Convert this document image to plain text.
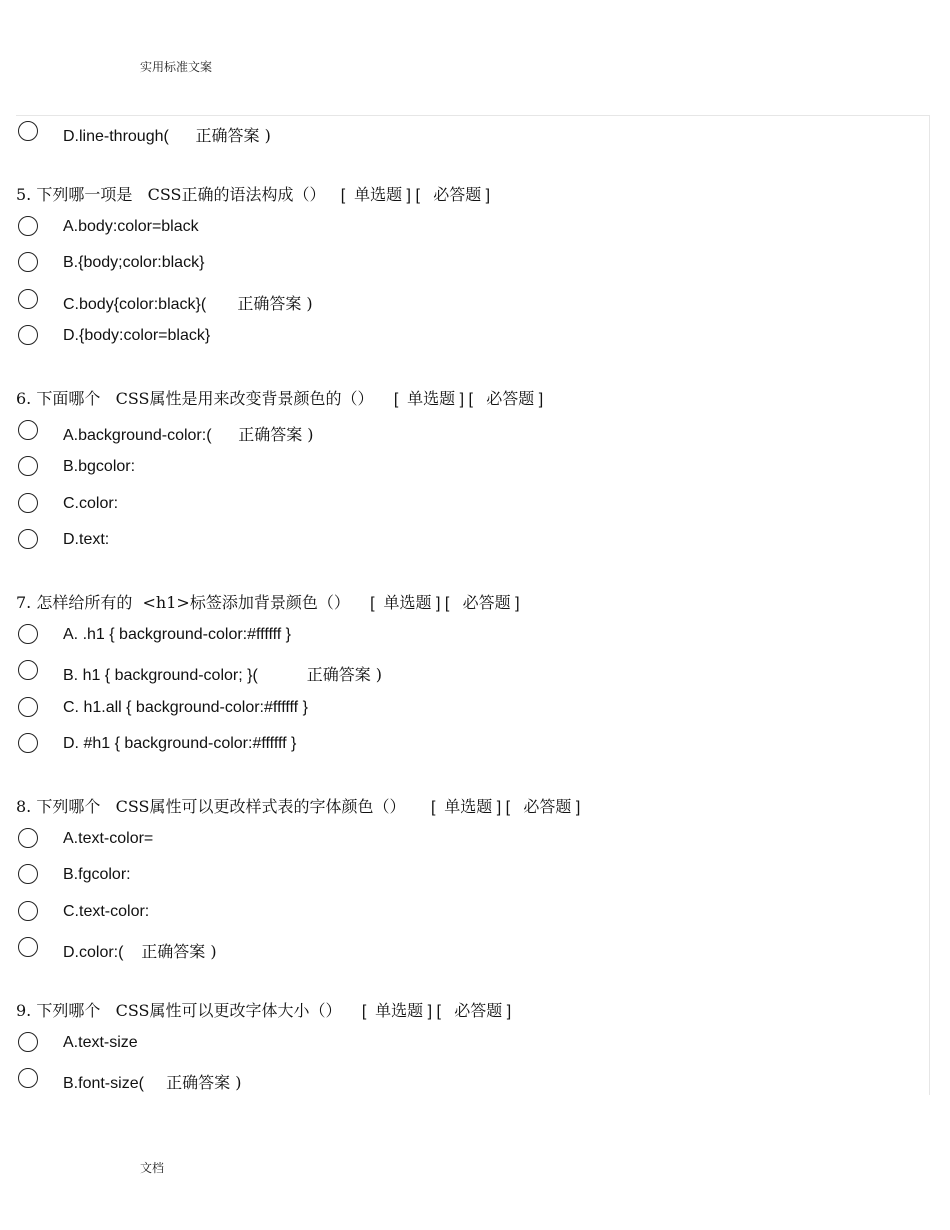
实用标准文案
D.line-through( 正确答案 )
5. 下列哪一项是   CSS正确的语法构成（）   [  单选题 ] [   必答题 ]
A.body:color=black
B.{body;color:black}
C.body{color:black}( 正确答案 )
D.{body:color=black}
6. 下面哪个   CSS属性是用来改变背景颜色的（）    [  单选题 ] [   必答题 ]
A.background-color:( 正确答案 )
B.bgcolor:
C.color:
D.text:
7. 怎样给所有的  <h1>标签添加背景颜色（）    [  单选题 ] [   必答题 ]
A. .h1 { background-color:#ffffff }
B. h1 { background-color; }(	正确答案 )
C. h1.all { background-color:#ffffff }
D. #h1 { background-color:#ffffff }
8. 下列哪个   CSS属性可以更改样式表的字体颜色（）     [  单选题 ] [   必答题 ]
A.text-color=
B.fgcolor:
C.text-color:
D.color:( 正确答案 )
9. 下列哪个   CSS属性可以更改字体大小（）    [  单选题 ] [   必答题 ]
A.text-size
B.font-size( 正确答案 )
文档
